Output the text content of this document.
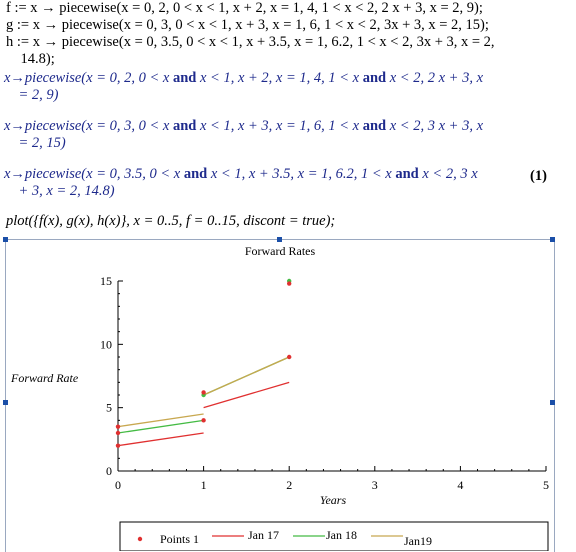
f := x → piecewise(x = 0, 2, 0 < x < 1, x + 2, x = 1, 4, 1 < x < 2, 2 x + 3, x = 2, 9);
g := x → piecewise(x = 0, 3, 0 < x < 1, x + 3, x = 1, 6, 1 < x < 2, 3x + 3, x = 2, 15);
h := x → piecewise(x = 0, 3.5, 0 < x < 1, x + 3.5, x = 1, 6.2, 1 < x < 2, 3x + 3, x = 2,
14.8);
x→piecewise(x = 0, 2, 0 < x and x < 1, x + 2, x = 1, 4, 1 < x and x < 2, 2 x + 3, x
= 2, 9)
x→piecewise(x = 0, 3, 0 < x and x < 1, x + 3, x = 1, 6, 1 < x and x < 2, 3 x + 3, x
= 2, 15)
x→piecewise(x = 0, 3.5, 0 < x and x < 1, x + 3.5, x = 1, 6.2, 1 < x and x < 2, 3 x
+ 3, x = 2, 14.8)
(1)
plot({f(x), g(x), h(x)}, x = 0..5, f = 0..15, discont = true);
Forward Rates
Forward Rate
Years
0	1	2	3	4	5
0
5
10
15
Points 1	Jan 17	Jan 18	Jan19
